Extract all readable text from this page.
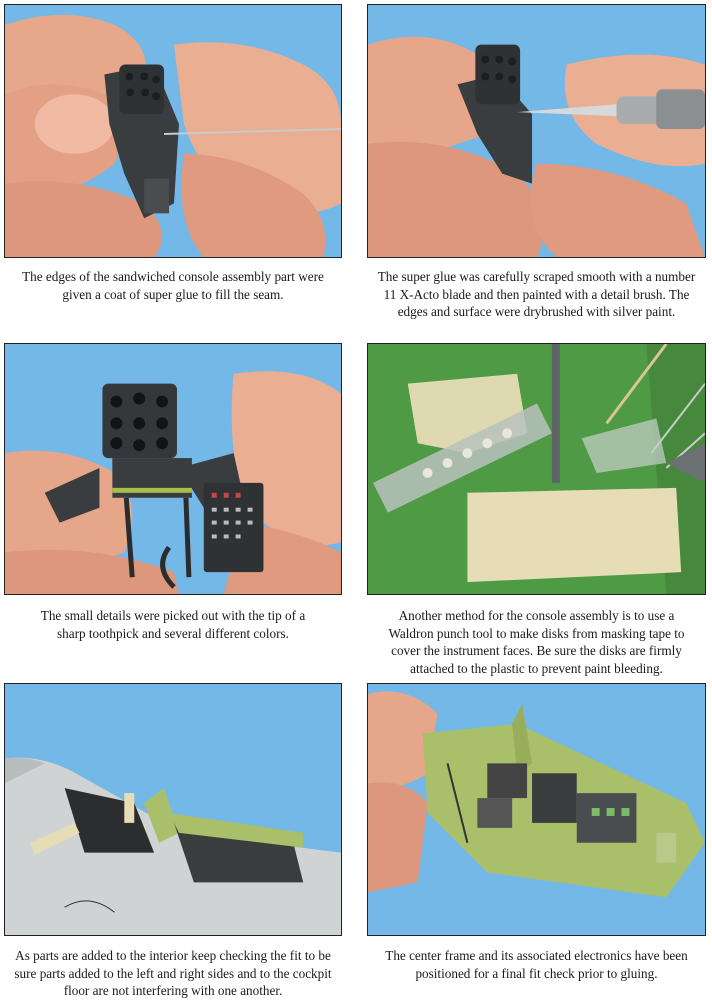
The edges of the sandwiched console assembly part were
given a coat of super glue to fill the seam.
The super glue was carefully scraped smooth with a number
11 X-Acto blade and then painted with a detail brush. The
edges and surface were drybrushed with silver paint.
The small details were picked out with the tip of a
sharp toothpick and several different colors.
Another method for the console assembly is to use a
Waldron punch tool to make disks from masking tape to
cover the instrument faces. Be sure the disks are firmly
attached to the plastic to prevent paint bleeding.
As parts are added to the interior keep checking the fit to be
sure parts added to the left and right sides and to the cockpit
floor are not interfering with one another.
The center frame and its associated electronics have been
positioned for a final fit check prior to gluing.
